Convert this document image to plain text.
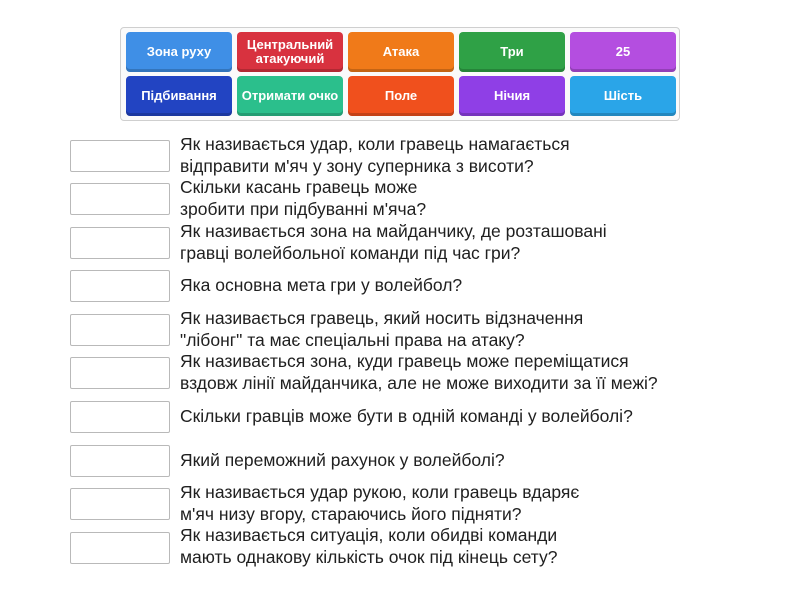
Зона руху	Центральний атакуючий	Атака	Три	25
Підбивання	Отримати очко	Поле	Нічия	Шість
Як називається удар, коли гравець намагається
відправити м'яч у зону суперника з висоти?
Скільки касань гравець може
зробити при підбуванні м'яча?
Як називається зона на майданчику, де розташовані
гравці волейбольної команди під час гри?
Яка основна мета гри у волейбол?
Як називається гравець, який носить відзначення
"лібонг" та має спеціальні права на атаку?
Як називається зона, куди гравець може переміщатися
вздовж лінії майданчика, але не може виходити за її межі?
Скільки гравців може бути в одній команді у волейболі?
Який переможний рахунок у волейболі?
Як називається удар рукою, коли гравець вдаряє
м'яч низу вгору, стараючись його підняти?
Як називається ситуація, коли обидві команди
мають однакову кількість очок під кінець сету?
